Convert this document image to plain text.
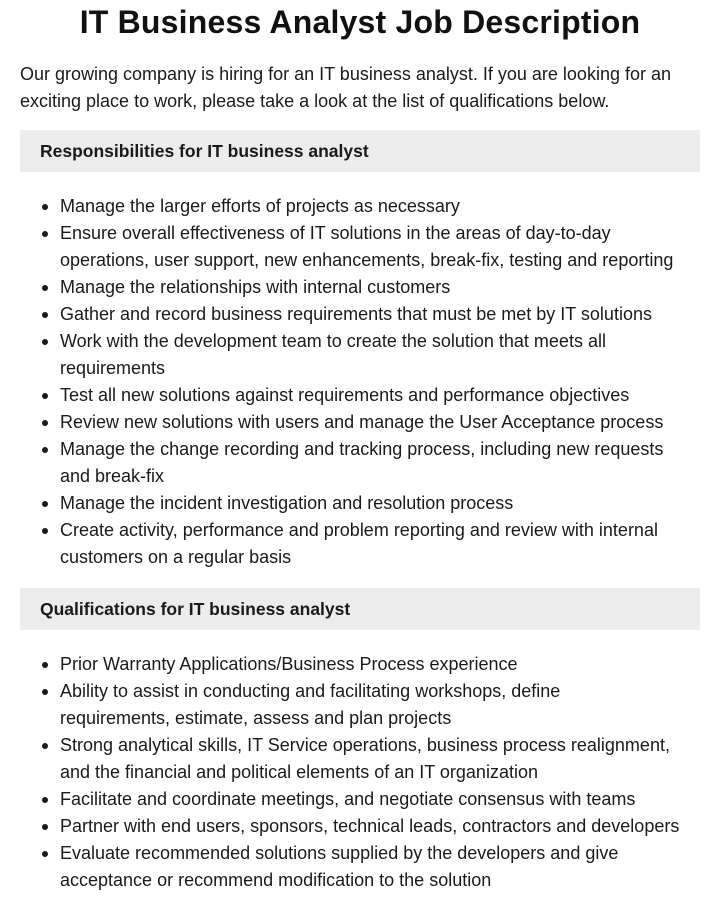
IT Business Analyst Job Description

Our growing company is hiring for an IT business analyst. If you are looking for an
exciting place to work, please take a look at the list of qualifications below.

Responsibilities for IT business analyst
Manage the larger efforts of projects as necessary
Ensure overall effectiveness of IT solutions in the areas of day-to-day
operations, user support, new enhancements, break-fix, testing and reporting
Manage the relationships with internal customers
Gather and record business requirements that must be met by IT solutions
Work with the development team to create the solution that meets all
requirements
Test all new solutions against requirements and performance objectives
Review new solutions with users and manage the User Acceptance process
Manage the change recording and tracking process, including new requests
and break-fix
Manage the incident investigation and resolution process
Create activity, performance and problem reporting and review with internal
customers on a regular basis
Qualifications for IT business analyst
Prior Warranty Applications/Business Process experience
Ability to assist in conducting and facilitating workshops, define
requirements, estimate, assess and plan projects
Strong analytical skills, IT Service operations, business process realignment,
and the financial and political elements of an IT organization
Facilitate and coordinate meetings, and negotiate consensus with teams
Partner with end users, sponsors, technical leads, contractors and developers
Evaluate recommended solutions supplied by the developers and give
acceptance or recommend modification to the solution
